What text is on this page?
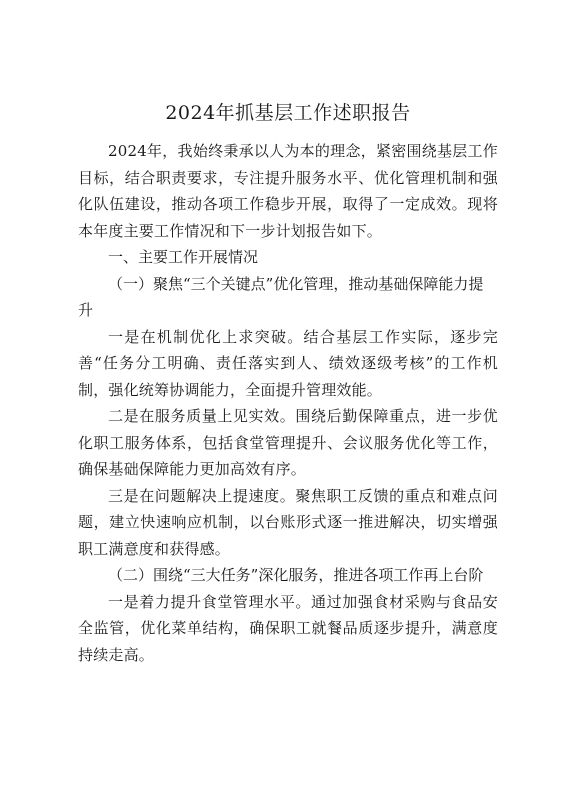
2024年抓基层工作述职报告

2024年，我始终秉承以人为本的理念，紧密围绕基层工作目标，结合职责要求，专注提升服务水平、优化管理机制和强化队伍建设，推动各项工作稳步开展，取得了一定成效。现将本年度主要工作情况和下一步计划报告如下。

一、主要工作开展情况

（一）聚焦“三个关键点”优化管理，推动基础保障能力提升

一是在机制优化上求突破。结合基层工作实际，逐步完善“任务分工明确、责任落实到人、绩效逐级考核”的工作机制，强化统筹协调能力，全面提升管理效能。

二是在服务质量上见实效。围绕后勤保障重点，进一步优化职工服务体系，包括食堂管理提升、会议服务优化等工作，确保基础保障能力更加高效有序。

三是在问题解决上提速度。聚焦职工反馈的重点和难点问题，建立快速响应机制，以台账形式逐一推进解决，切实增强职工满意度和获得感。

（二）围绕“三大任务”深化服务，推进各项工作再上台阶

一是着力提升食堂管理水平。通过加强食材采购与食品安全监管，优化菜单结构，确保职工就餐品质逐步提升，满意度持续走高。
